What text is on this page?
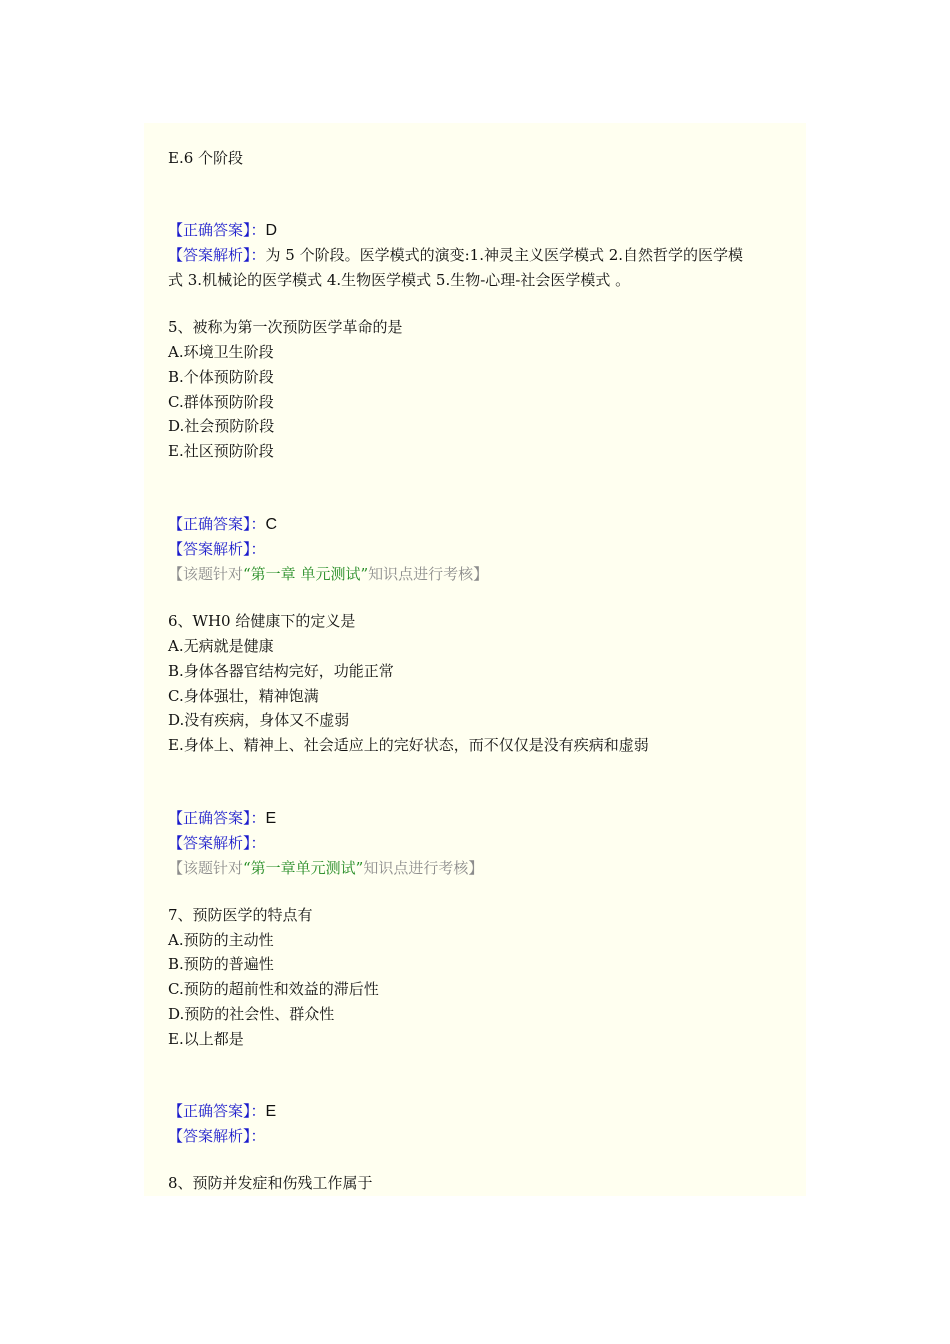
E.6 个阶段
【正确答案】：D
【答案解析】：为 5 个阶段。医学模式的演变:1.神灵主义医学模式 2.自然哲学的医学模
式 3.机械论的医学模式 4.生物医学模式 5.生物-心理-社会医学模式 。
5、被称为第一次预防医学革命的是
A.环境卫生阶段
B.个体预防阶段
C.群体预防阶段
D.社会预防阶段
E.社区预防阶段
【正确答案】：C
【答案解析】：
【该题针对“第一章 单元测试”知识点进行考核】
6、WH0 给健康下的定义是
A.无病就是健康
B.身体各器官结构完好，功能正常
C.身体强壮，精神饱满
D.没有疾病，身体又不虚弱
E.身体上、精神上、社会适应上的完好状态，而不仅仅是没有疾病和虚弱
【正确答案】：E
【答案解析】：
【该题针对“第一章单元测试”知识点进行考核】
7、预防医学的特点有
A.预防的主动性
B.预防的普遍性
C.预防的超前性和效益的滞后性
D.预防的社会性、群众性
E.以上都是
【正确答案】：E
【答案解析】：
8、预防并发症和伤残工作属于
